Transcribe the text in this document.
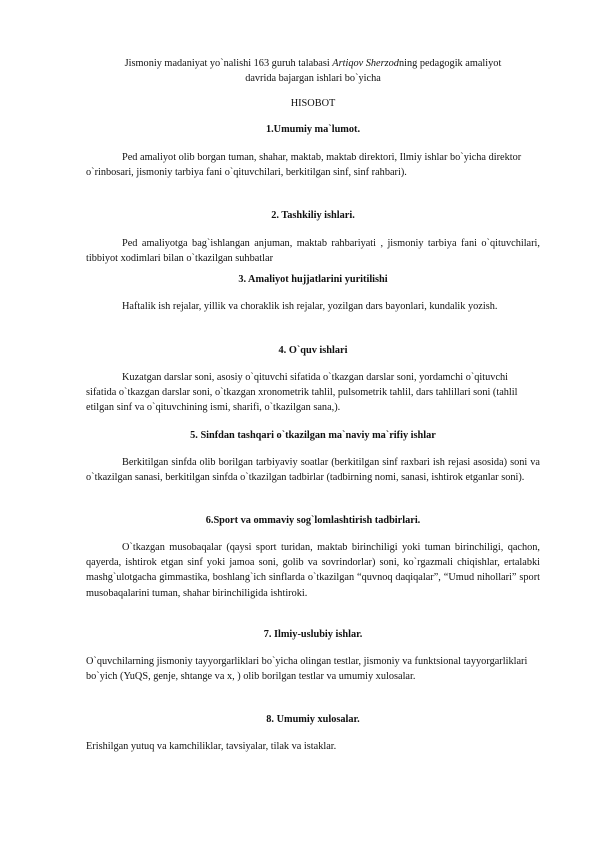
Jismoniy madaniyat yo`nalishi 163 guruh talabasi Artiqov Sherzodning pedagogik amaliyot

davrida bajargan ishlari bo`yicha

HISOBOT
1.Umumiy ma`lumot.
Ped amaliyot olib borgan tuman, shahar, maktab, maktab direktori, Ilmiy ishlar bo`yicha direktor o`rinbosari, jismoniy tarbiya fani o`qituvchilari, berkitilgan sinf, sinf rahbari).
2. Tashkiliy ishlari.
Ped amaliyotga bag`ishlangan anjuman, maktab rahbariyati , jismoniy tarbiya fani o`qituvchilari, tibbiyot xodimlari bilan o`tkazilgan suhbatlar
3. Amaliyot hujjatlarini yuritilishi
Haftalik ish rejalar, yillik va choraklik ish rejalar, yozilgan dars bayonlari, kundalik yozish.
4. O`quv ishlari
Kuzatgan darslar soni, asosiy o`qituvchi sifatida o`tkazgan darslar soni, yordamchi o`qituvchi sifatida o`tkazgan darslar soni, o`tkazgan xronometrik tahlil, pulsometrik tahlil, dars tahlillari soni (tahlil etilgan sinf va o`qituvchining ismi, sharifi, o`tkazilgan sana,).
5. Sinfdan tashqari o`tkazilgan ma`naviy ma`rifiy ishlar
Berkitilgan sinfda olib borilgan tarbiyaviy soatlar (berkitilgan sinf raxbari ish rejasi asosida) soni va o`tkazilgan sanasi, berkitilgan sinfda o`tkazilgan tadbirlar (tadbirning nomi, sanasi, ishtirok etganlar soni).
6.Sport va ommaviy sog`lomlashtirish tadbirlari.
O`tkazgan musobaqalar (qaysi sport turidan, maktab birinchiligi yoki tuman birinchiligi, qachon, qayerda, ishtirok etgan sinf yoki jamoa soni, golib va sovrindorlar) soni, ko`rgazmali chiqishlar, ertalabki mashg`ulotgacha gimmastika, boshlang`ich sinflarda o`tkazilgan “quvnoq daqiqalar”, “Umud nihollari” sport musobaqalarini tuman, shahar birinchiligida ishtiroki.
7. Ilmiy-uslubiy ishlar.
O`quvchilarning jismoniy tayyorgarliklari bo`yicha olingan testlar, jismoniy va funktsional tayyorgarliklari bo`yich (YuQS, genje, shtange va x, ) olib borilgan testlar va umumiy xulosalar.
8. Umumiy xulosalar.
Erishilgan yutuq va kamchiliklar, tavsiyalar, tilak va istaklar.
